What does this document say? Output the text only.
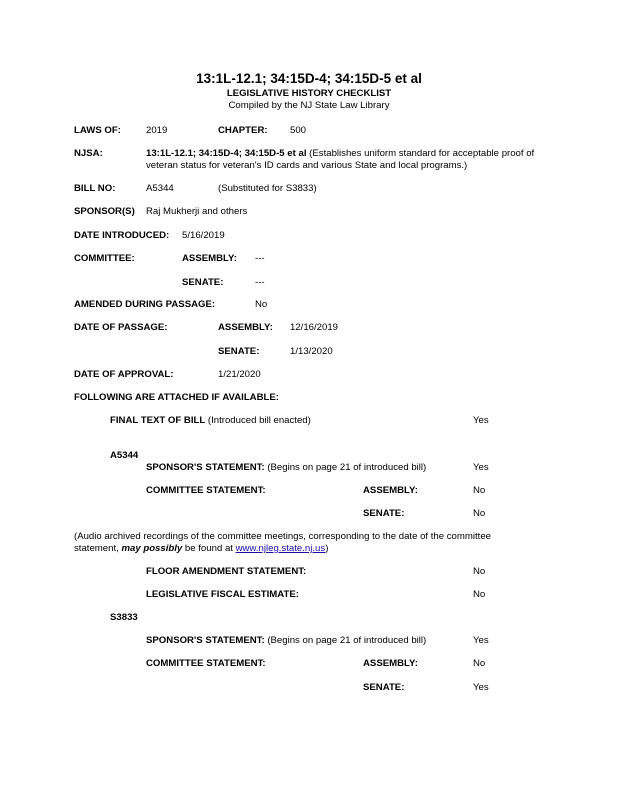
13:1L-12.1; 34:15D-4; 34:15D-5 et al
LEGISLATIVE HISTORY CHECKLIST
Compiled by the NJ State Law Library
LAWS OF:	2019	CHAPTER: 500
NJSA:	13:1L-12.1; 34:15D-4; 34:15D-5 et al (Establishes uniform standard for acceptable proof of
veteran status for veteran's ID cards and various State and local programs.)
BILL NO:	A5344	(Substituted for S3833)
SPONSOR(S) Raj Mukherji and others
DATE INTRODUCED: 5/16/2019
COMMITTEE:	ASSEMBLY: ---
SENATE:	---
AMENDED DURING PASSAGE:	No
DATE OF PASSAGE:	ASSEMBLY: 12/16/2019
SENATE:	1/13/2020
DATE OF APPROVAL:	1/21/2020
FOLLOWING ARE ATTACHED IF AVAILABLE:
FINAL TEXT OF BILL (Introduced bill enacted)	Yes
A5344
SPONSOR'S STATEMENT: (Begins on page 21 of introduced bill)	Yes
COMMITTEE STATEMENT:	ASSEMBLY:	No
SENATE:	No
(Audio archived recordings of the committee meetings, corresponding to the date of the committee
statement, may possibly be found at www.njleg.state.nj.us)
FLOOR AMENDMENT STATEMENT:	No
LEGISLATIVE FISCAL ESTIMATE:	No
S3833
SPONSOR'S STATEMENT: (Begins on page 21 of introduced bill)	Yes
COMMITTEE STATEMENT:	ASSEMBLY:	No
SENATE:	Yes
